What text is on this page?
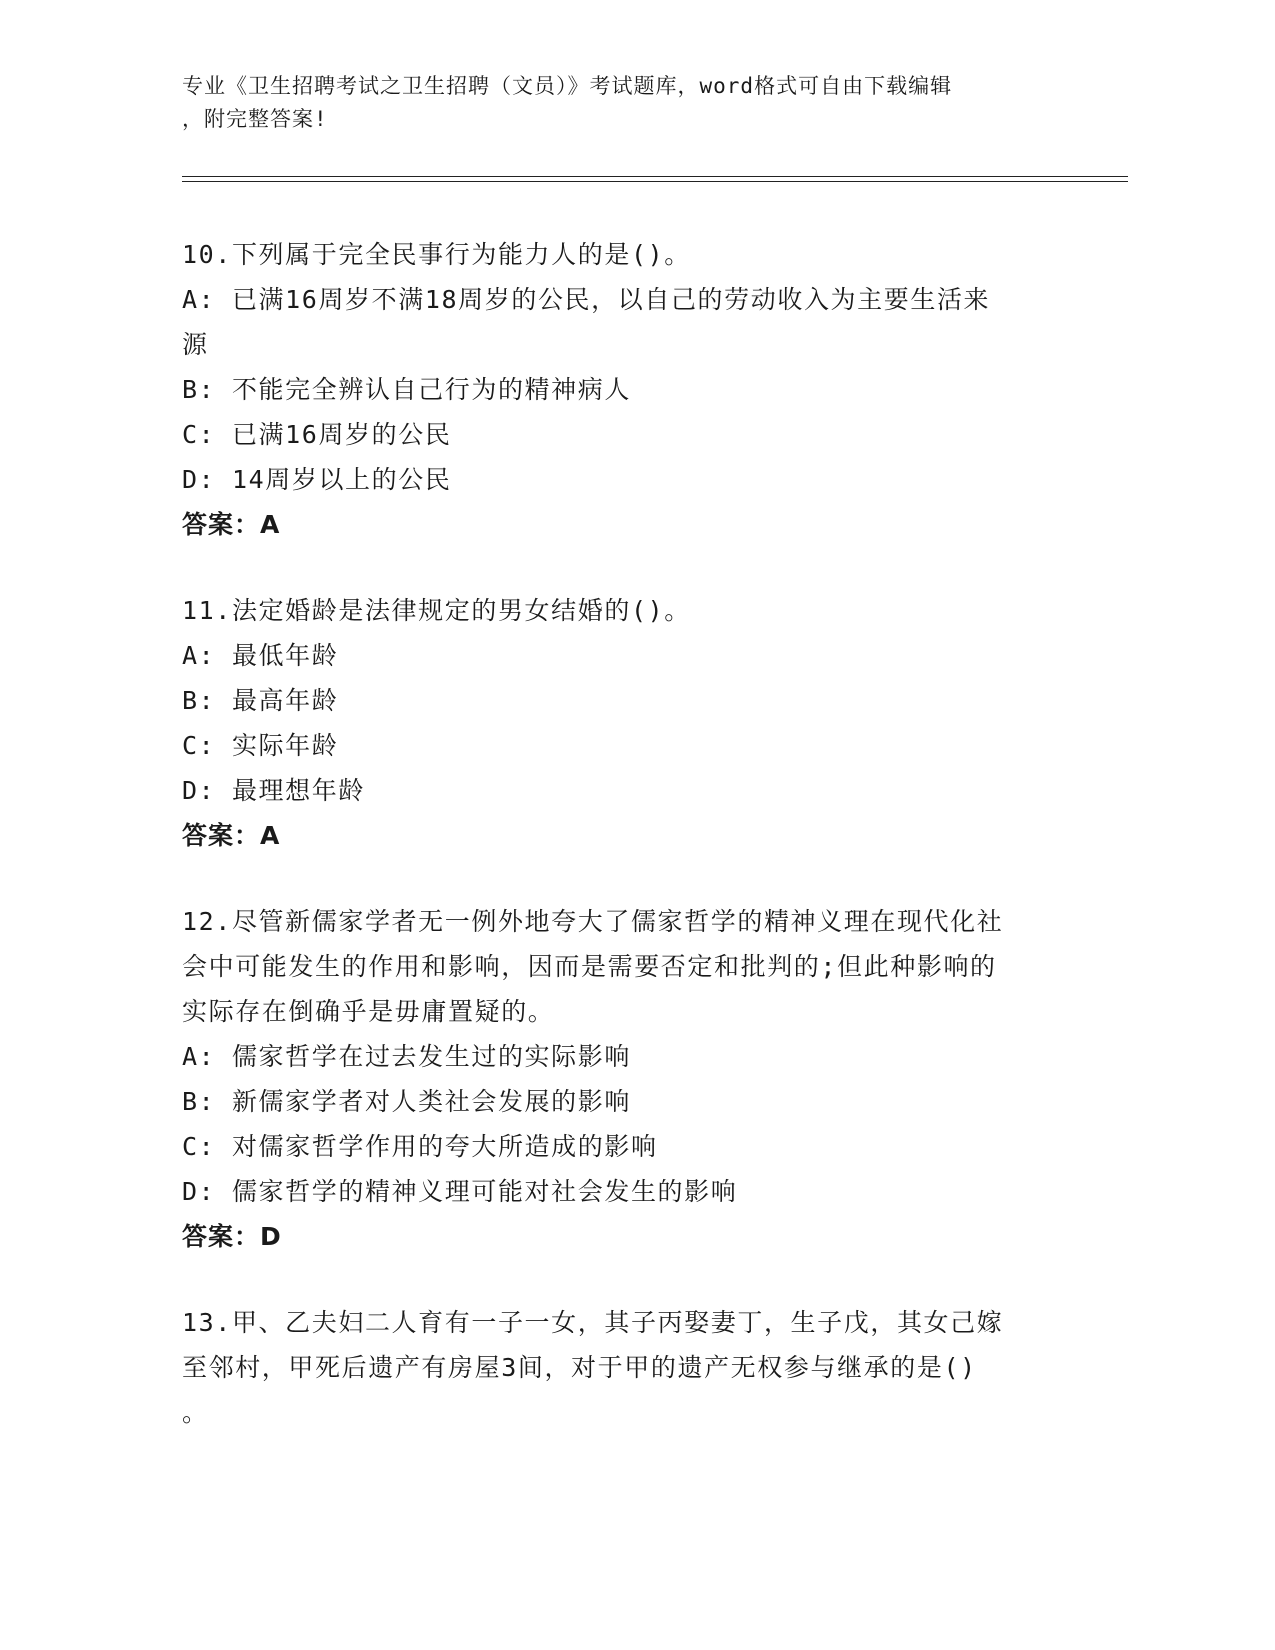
专业《卫生招聘考试之卫生招聘（文员）》考试题库，word格式可自由下载编辑
，附完整答案!
10.下列属于完全民事行为能力人的是()。
A: 已满16周岁不满18周岁的公民，以自己的劳动收入为主要生活来
源
B: 不能完全辨认自己行为的精神病人
C: 已满16周岁的公民
D: 14周岁以上的公民
答案：A
11.法定婚龄是法律规定的男女结婚的()。
A: 最低年龄
B: 最高年龄
C: 实际年龄
D: 最理想年龄
答案：A
12.尽管新儒家学者无一例外地夸大了儒家哲学的精神义理在现代化社
会中可能发生的作用和影响，因而是需要否定和批判的;但此种影响的
实际存在倒确乎是毋庸置疑的。
A: 儒家哲学在过去发生过的实际影响
B: 新儒家学者对人类社会发展的影响
C: 对儒家哲学作用的夸大所造成的影响
D: 儒家哲学的精神义理可能对社会发生的影响
答案：D
13.甲、乙夫妇二人育有一子一女，其子丙娶妻丁，生子戊，其女己嫁
至邻村，甲死后遗产有房屋3间，对于甲的遗产无权参与继承的是()
。
